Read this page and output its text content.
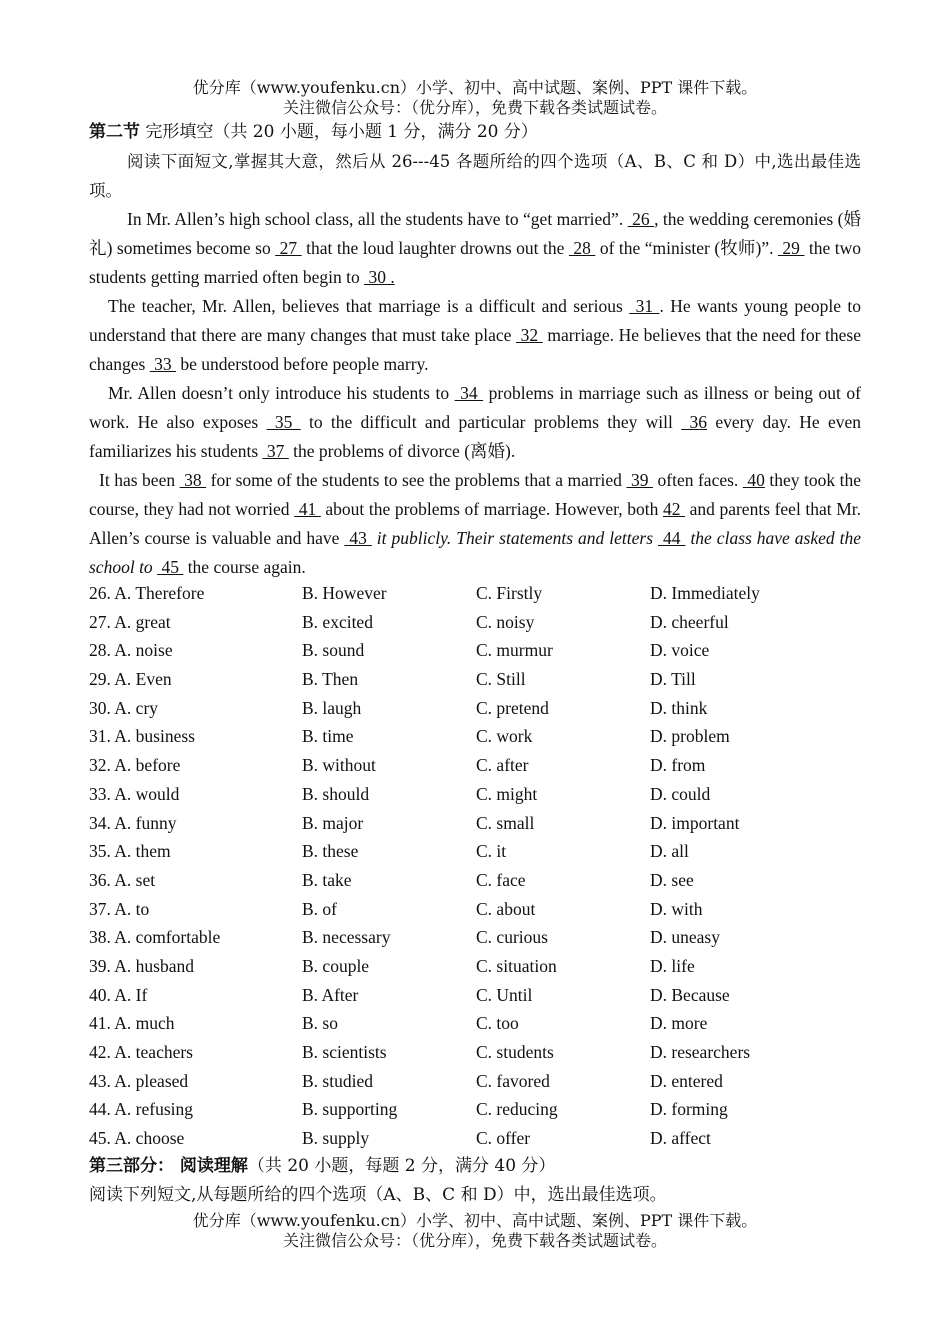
优分库（www.youfenku.cn）小学、初中、高中试题、案例、PPT 课件下载。
关注微信公众号：（优分库），免费下载各类试题试卷。
第二节 完形填空（共 20 小题，每小题 1 分，满分 20 分）

阅读下面短文,掌握其大意，然后从 26---45 各题所给的四个选项（A、B、C 和 D）中,选出最佳选项。

In Mr. Allen’s high school class, all the students have to “get married”.  26 , the wedding ceremonies (婚礼) sometimes become so  27  that the loud laughter drowns out the  28  of the “minister (牧师)”.  29  the two students getting married often begin to  30 .

The teacher, Mr. Allen, believes that marriage is a difficult and serious  31 . He wants young people to understand that there are many changes that must take place  32  marriage. He believes that the need for these changes  33  be understood before people marry.

Mr. Allen doesn’t only introduce his students to  34  problems in marriage such as illness or being out of work. He also exposes  35  to the difficult and particular problems they will  36 every day. He even familiarizes his students  37  the problems of divorce (离婚).

It has been  38  for some of the students to see the problems that a married  39  often faces.  40 they took the course, they had not worried  41  about the problems of marriage. However, both 42  and parents feel that Mr. Allen’s course is valuable and have  43  it publicly. Their statements and letters  44  the class have asked the school to  45  the course again.

26. A. Therefore	B. However	C. Firstly	D. Immediately
27. A. great	B. excited	C. noisy	D. cheerful
28. A. noise	B. sound	C. murmur	D. voice
29. A. Even	B. Then	C. Still	D. Till
30. A. cry	B. laugh	C. pretend	D. think
31. A. business	B. time	C. work	D. problem
32. A. before	B. without	C. after	D. from
33. A. would	B. should	C. might	D. could
34. A. funny	B. major	C. small	D. important
35. A. them	B. these	C. it	D. all
36. A. set	B. take	C. face	D. see
37. A. to	B. of	C. about	D. with
38. A. comfortable	B. necessary	C. curious	D. uneasy
39. A. husband	B. couple	C. situation	D. life
40. A. If	B. After	C. Until	D. Because
41. A. much	B. so	C. too	D. more
42. A. teachers	B. scientists	C. students	D. researchers
43. A. pleased	B. studied	C. favored	D. entered
44. A. refusing	B. supporting	C. reducing	D. forming
45. A. choose	B. supply	C. offer	D. affect
第三部分： 阅读理解（共 20 小题，每题 2 分，满分 40 分）
阅读下列短文,从每题所给的四个选项（A、B、C 和 D）中，选出最佳选项。
优分库（www.youfenku.cn）小学、初中、高中试题、案例、PPT 课件下载。
关注微信公众号：（优分库），免费下载各类试题试卷。
